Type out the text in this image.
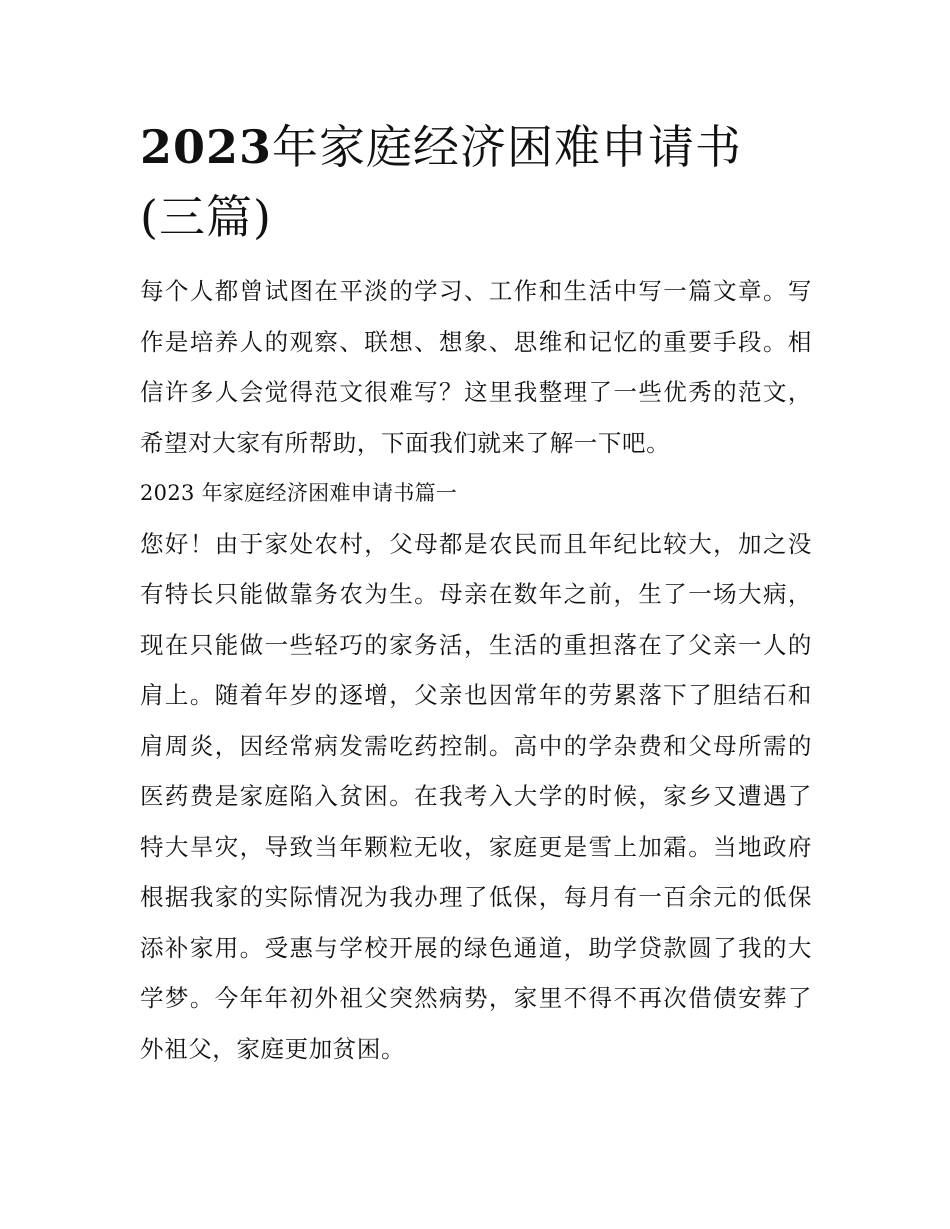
2023年家庭经济困难申请书
(三篇)

每个人都曾试图在平淡的学习、工作和生活中写一篇文章。写作是培养人的观察、联想、想象、思维和记忆的重要手段。相信许多人会觉得范文很难写？这里我整理了一些优秀的范文，希望对大家有所帮助，下面我们就来了解一下吧。

2023 年家庭经济困难申请书篇一

您好！由于家处农村，父母都是农民而且年纪比较大，加之没有特长只能做靠务农为生。母亲在数年之前，生了一场大病，现在只能做一些轻巧的家务活，生活的重担落在了父亲一人的肩上。随着年岁的逐增，父亲也因常年的劳累落下了胆结石和肩周炎，因经常病发需吃药控制。高中的学杂费和父母所需的医药费是家庭陷入贫困。在我考入大学的时候，家乡又遭遇了特大旱灾，导致当年颗粒无收，家庭更是雪上加霜。当地政府根据我家的实际情况为我办理了低保，每月有一百余元的低保添补家用。受惠与学校开展的绿色通道，助学贷款圆了我的大学梦。今年年初外祖父突然病势，家里不得不再次借债安葬了外祖父，家庭更加贫困。
